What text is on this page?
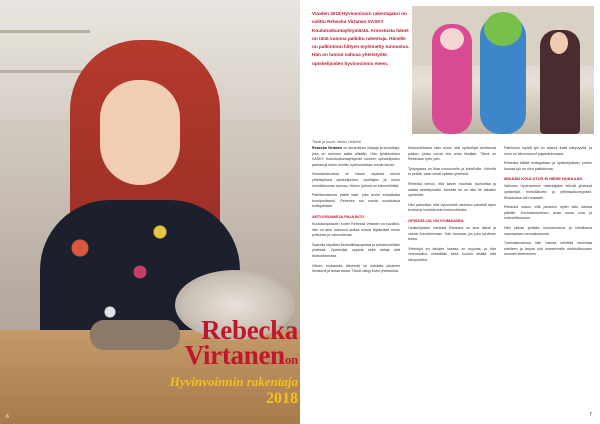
Rebecka
Virtanenon
Hyvinvoinnin rakentaja
2018
6
Vuoden 2018 Hyvinvoinnin rakentajaksi on valittu Rebecka Virtanen SASKY Koulutuskuntayhtymästä. Arvostusta hänet on tänä vuonna palkittu rakentaja. Hänelle on palkintoon liittyen myönnetty tunnustus. Hän on luonut vahvaa yhteistyötä opiskelijoiden hyvinvoinnin eteen.
Teksti ja kuvat: Jarkko Heikkilä

Rebecka Virtanen on keramiikan ohjaaja ja kouluttaja, joka on toiminut alalla pitkään. Hän työskentelee SASKY Koulutuskuntayhtymän nuorten opiskelijoiden parissa ja tukee heidän hyvinvointiaan monin tavoin.

Huomionarvoista on hänen tapansa toimia yhteistyössä opiskelijoiden, opettajien ja muun henkilökunnan kanssa. Hänen työnsä on esimerkillistä.

Palkitsemisesta päätti raati, joka arvioi ehdokkaita monipuolisesti. Rebecka sai useita suosituksia kollegoiltaan.

ARTOGRAMEJA PALKINTO

Kuukausipalaute: Kuten Rebecka Virtanen on kuvaillut, hän on aina halunnut auttaa nuoria löytämään oman polkunsa ja vahvuutensa.

Saarella käydään keramiikkapajoissa ja työskennellään yhdessä. Opiskelijat oppivat sekä taitoja että itseluottamusta.

Hänen mukaansa tärkeintä on kohdata jokainen ihmisenä ja antaa aikaa. Tämä näkyy koko yhteisössä.

Keskusteluissa esiin nousi, että opiskelijat tarvitsevat paikan, jossa voivat olla omia itsejään. Tämä on Rebeckan työn ydin.

Työpajassa on tilaa luovuudelle ja kokeiluille. Virheitä ei pelätä, vaan niistä opitaan yhdessä.

Rebecka kertoo, että saven muotoilu rauhoittaa ja auttaa keskittymään. Monelle se on ollut tie takaisin opintoihin.

Hän painottaa, että hyvinvointi rakentuu pienistä arjen teoista ja luotettavista ihmissuhteista.

OPISKELIJA ON VOIMAVARA

Opiskelijoiden mielestä Rebecka on aina läsnä ja valmis kuuntelemaan. Hän huomaa, jos joku tarvitsee tukea.

Yhteistyö eri tahojen kanssa on sujuvaa, ja hän verkostoituu mielellään sekä koulun sisällä että ulkopuolella.

Palkinnon myötä työ on saanut lisää näkyvyyttä, ja moni on kiinnostunut pajatoiminnasta.

Rebecka kiittää kollegoitaan ja opiskelijoitaan, joiden kanssa työ on ollut palkitsevaa.

MIKÄÄN KOULUTUS EI MENE HUKKAAN

Valinnan Hyvinvoinnin rakentajaksi tekivät yhdessä opiskelijat, henkilökunta ja yhteistyökumppanit. Ehdotuksia tuli runsaasti.

Rebecka uskoo, että jokainen opittu taito kantaa pitkälle. Kouluttautuminen avaa uusia ovia ja mahdollisuuksia.

Hän jatkaa työtään innostuneena ja kiitollisena saamastaan tunnustuksesta.

Tulevaisuudessa hän haluaa kehittää toimintaa edelleen ja tarjota yhä useammalle mahdollisuuden luovaan tekemiseen.

7
